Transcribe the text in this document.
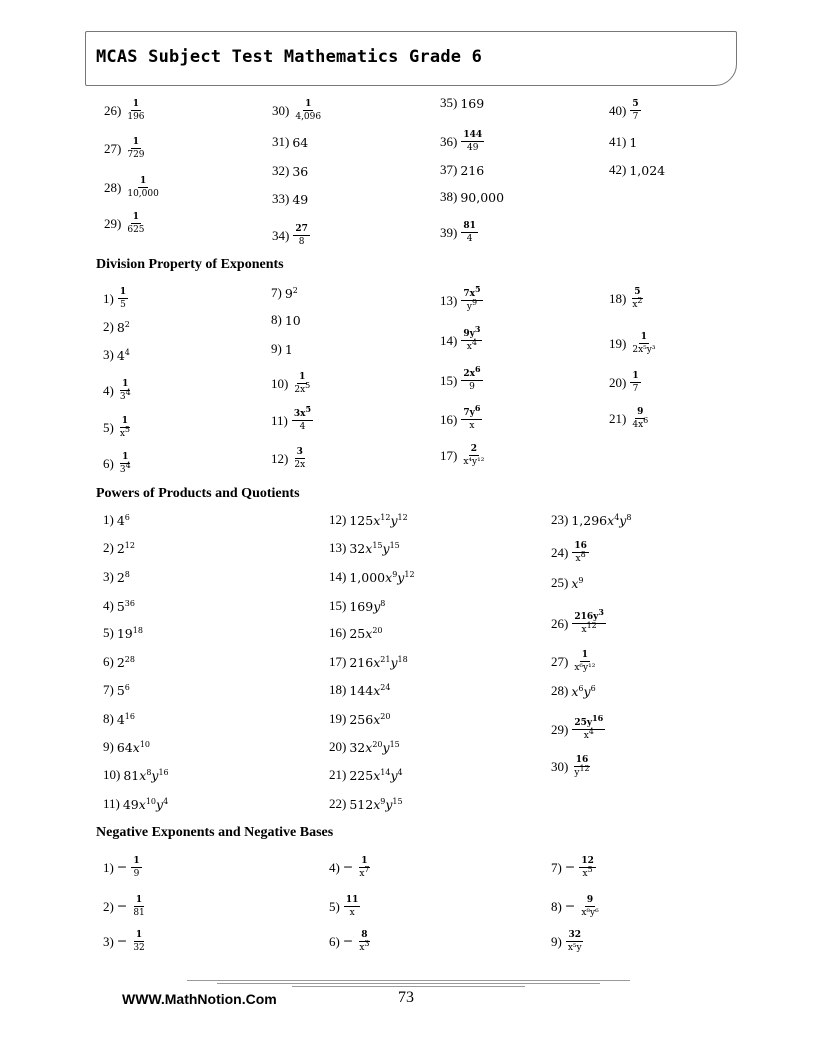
MCAS Subject Test Mathematics Grade 6
Division Property of Exponents
Powers of Products and Quotients
Negative Exponents and Negative Bases
$26) \frac{1}{196}$
$27) \frac{1}{729}$
$28) \frac{1}{10,000}$
$29) \frac{1}{625}$
$30) \frac{1}{4,096}$
31) 64
32) 36
33) 49
$34) \frac{27}{8}$
35) 169
$36) \frac{144}{49}$
37) 216
38) 90,000
$39) \frac{81}{4}$
$40) \frac{5}{7}$
41) 1
42) 1,024
$1) \frac{1}{5}$
2) $8^2$
3) $4^4$
$4) \frac{1}{3^4}$
$5) \frac{1}{x^5}$
$6) \frac{1}{3^4}$
7) $9^2$
8) 10
9) 1
$10) \frac{1}{2x^5}$
$11) \frac{3x^5}{4}$
$12) \frac{3}{2x}$
$13) \frac{7x^5}{y^9}$
$14) \frac{9y^3}{x^4}$
$15) \frac{2x^6}{9}$
$16) \frac{7y^6}{x}$
$17) \frac{2}{\text{x⁴y¹²}}$
$18) \frac{5}{x^2}$
$19) \frac{1}{\text{2x⁵y³}}$
$20) \frac{1}{7}$
$21) \frac{9}{4x^6}$
1) $4^6$
2) $2^{12}$
3) $2^8$
4) $5^{36}$
5) $19^{18}$
6) $2^{28}$
7) $5^6$
8) $4^{16}$
9) $64x^{10}$
10) $81x^8y^{16}$
11) $49x^{10}y^4$
12) $125x^{12}y^{12}$
13) $32x^{15}y^{15}$
14) $1,000x^9y^{12}$
15) $169y^8$
16) $25x^{20}$
17) $216x^{21}y^{18}$
18) $144x^{24}$
19) $256x^{20}$
20) $32x^{20}y^{15}$
21) $225x^{14}y^4$
22) $512x^9y^{15}$
23) $1,296x^4y^8$
$24) \frac{16}{x^8}$
25) $x^9$
$26) \frac{216y^3}{x^{12}}$
$27) \frac{1}{\text{x⁶y¹²}}$
28) $x^6y^6$
$29) \frac{25y^{16}}{x^4}$
$30) \frac{16}{y^{12}}$
$1) - \frac{1}{9}$
$2) - \frac{1}{81}$
$3) - \frac{1}{32}$
$4) - \frac{1}{x^7}$
$5) \frac{11}{x}$
$6) - \frac{8}{x^3}$
$7) - \frac{12}{x^5}$
$8) - \frac{9}{\text{x⁸y⁶}}$
$9) \frac{32}{\text{x⁵y}}$
WWW.MathNotion.Com	73
